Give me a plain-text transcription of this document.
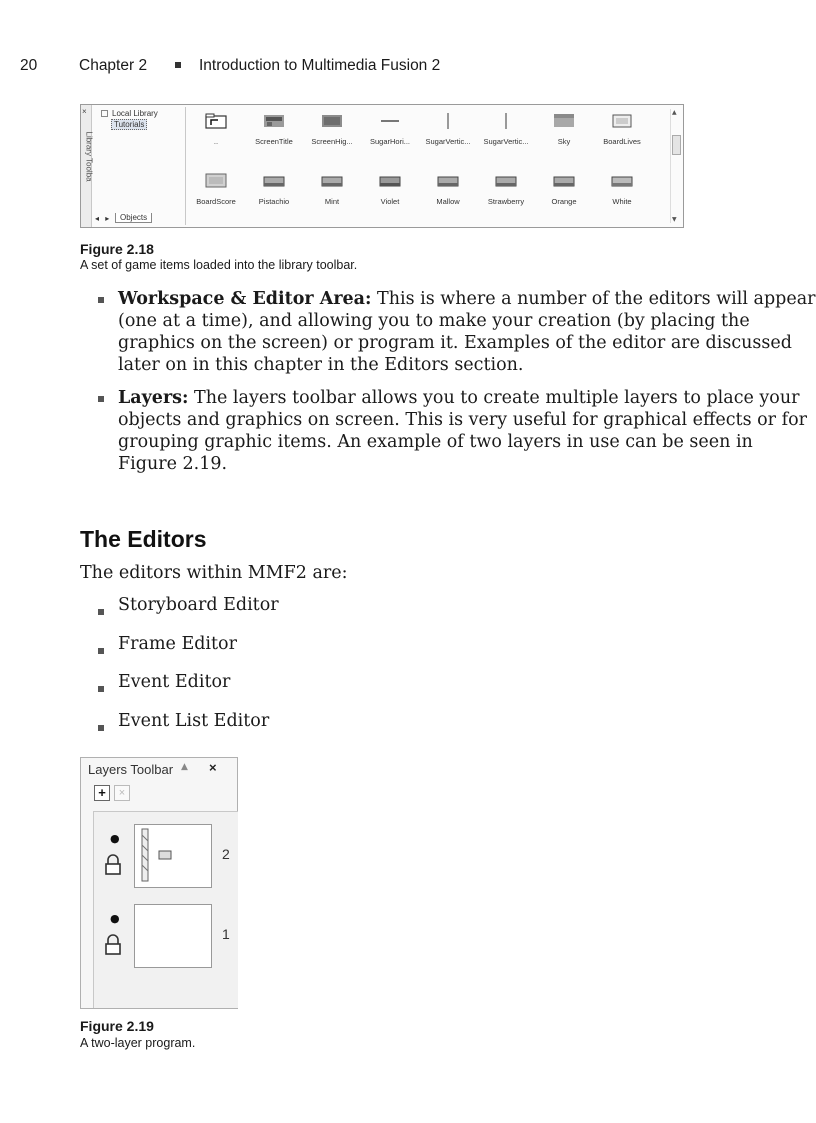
20	Chapter 2	Introduction to Multimedia Fusion 2
×
Library Toolba
Local Library
Tutorials
◂ ▸	Objects
..	ScreenTitle	ScreenHig...	SugarHori...	SugarVertic...	SugarVertic...	Sky	BoardLives
BoardScore	Pistachio	Mint	Violet	Mallow	Strawberry	Orange	White
▲
▼
Figure 2.18
A set of game items loaded into the library toolbar.
Workspace & Editor Area: This is where a number of the editors will appear
(one at a time), and allowing you to make your creation (by placing the
graphics on the screen) or program it. Examples of the editor are discussed
later on in this chapter in the Editors section.
Layers: The layers toolbar allows you to create multiple layers to place your
objects and graphics on screen. This is very useful for graphical effects or for
grouping graphic items. An example of two layers in use can be seen in
Figure 2.19.
The Editors

The editors within MMF2 are:

Storyboard Editor
Frame Editor
Event Editor
Event List Editor
Layers Toolbar ▲ ×
+	×
●
2
●
1
Figure 2.19
A two-layer program.
